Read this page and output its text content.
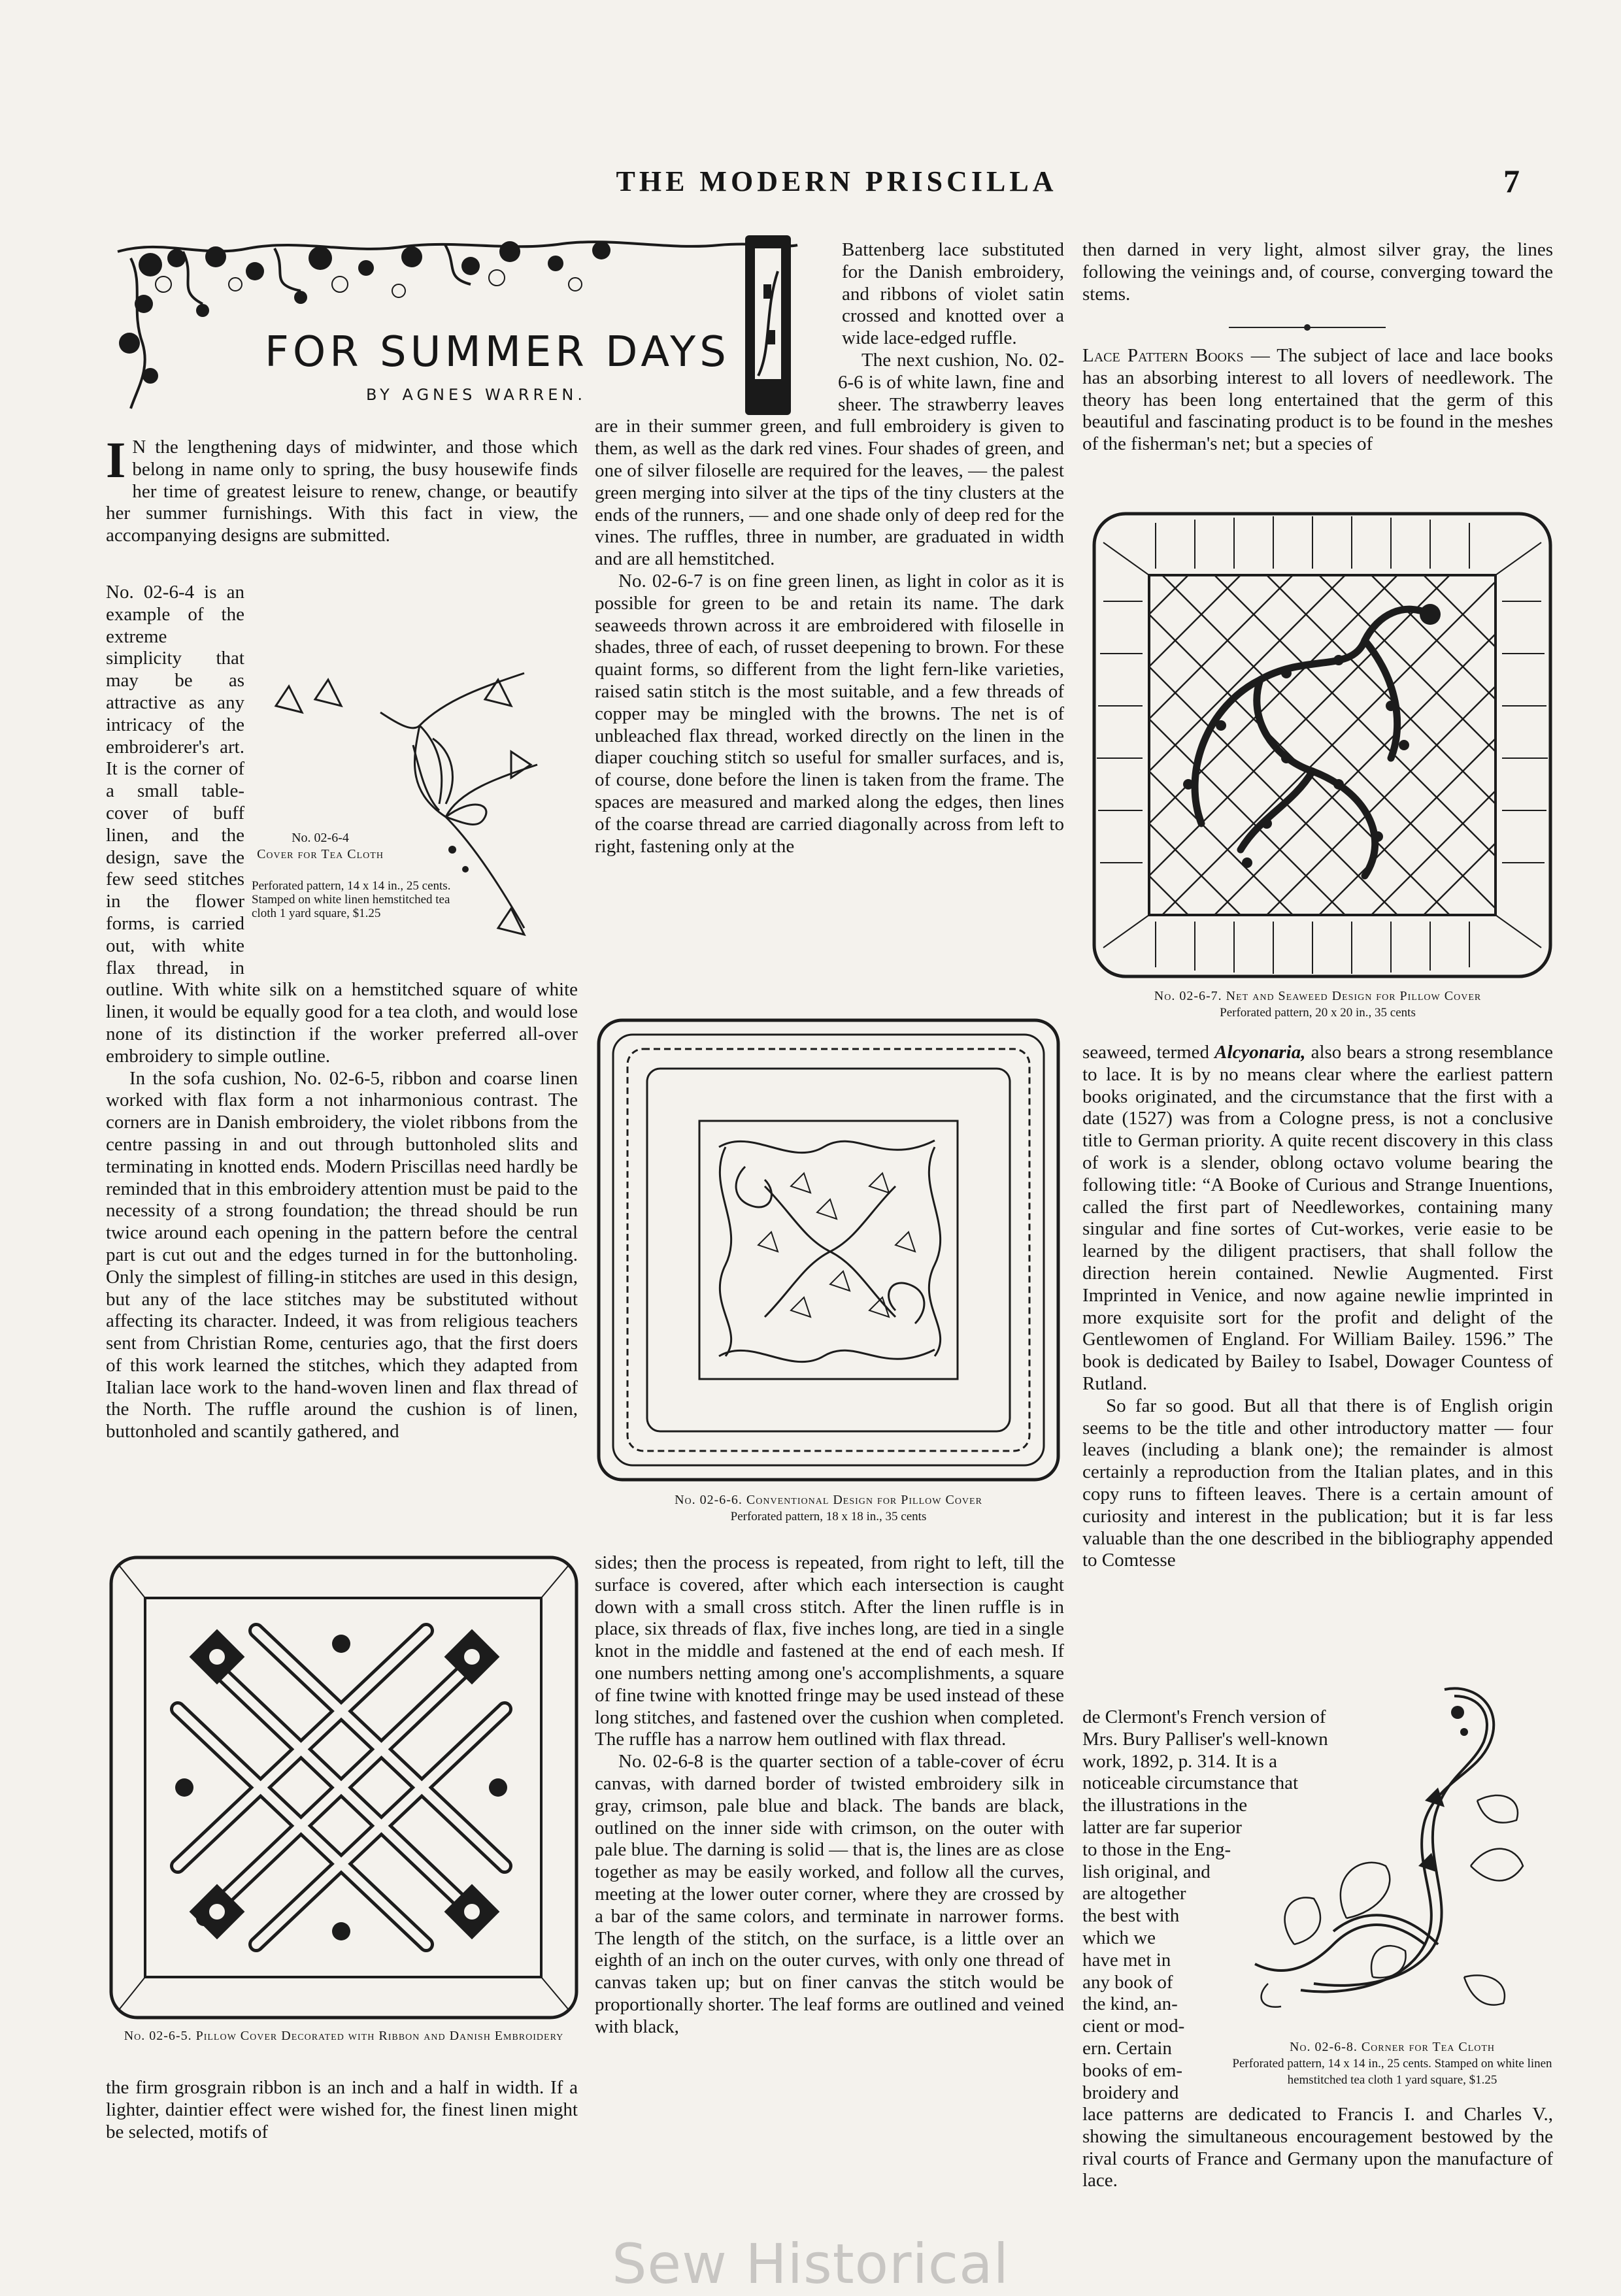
THE MODERN PRISCILLA	7
FOR SUMMER DAYS
BY AGNES WARREN.

I N the lengthening days of midwinter, and those which belong in name only to spring, the busy housewife finds her time of greatest leisure to renew, change, or beautify her summer furnishings. With this fact in view, the accompanying designs are submitted.

No. 02-6-4 is an example of the extreme simplicity that may be as attractive as any intricacy of the embroiderer's art. It is the corner of a small table-cover of buff linen, and the design, save the few seed stitches in the flower forms, is carried out, with white flax thread, in outline. With white silk on a hemstitched square of white linen, it would be equally good for a tea cloth, and would lose none of its distinction if the worker preferred all-over embroidery to simple outline.

In the sofa cushion, No. 02-6-5, ribbon and coarse linen worked with flax form a not inharmonious contrast. The corners are in Danish embroidery, the violet ribbons from the centre passing in and out through buttonholed slits and terminating in knotted ends. Modern Priscillas need hardly be reminded that in this embroidery attention must be paid to the necessity of a strong foundation; the thread should be run twice around each opening in the pattern before the central part is cut out and the edges turned in for the buttonholing. Only the simplest of filling-in stitches are used in this design, but any of the lace stitches may be substituted without affecting its character. Indeed, it was from religious teachers sent from Christian Rome, centuries ago, that the first doers of this work learned the stitches, which they adapted from Italian lace work to the hand-woven linen and flax thread of the North. The ruffle around the cushion is of linen, buttonholed and scantily gathered, and

No. 02-6-4
Cover for Tea Cloth
Perforated pattern, 14 x 14 in., 25 cents. Stamped on white linen hemstitched tea cloth 1 yard square, $1.25
No. 02-6-5. Pillow Cover Decorated with Ribbon and Danish Embroidery

the firm grosgrain ribbon is an inch and a half in width. If a lighter, daintier effect were wished for, the finest linen might be selected, motifs of

Battenberg lace substituted for the Danish embroidery, and ribbons of violet satin crossed and knotted over a wide lace-edged ruffle.

The next cushion, No. 02-6-6 is of white lawn, fine and sheer. The strawberry leaves are in their summer green, and full embroidery is given to them, as well as the dark red vines. Four shades of green, and one of silver filoselle are required for the leaves, — the palest green merging into silver at the tips of the tiny clusters at the ends of the runners, — and one shade only of deep red for the vines. The ruffles, three in number, are graduated in width and are all hemstitched.

No. 02-6-7 is on fine green linen, as light in color as it is possible for green to be and retain its name. The dark seaweeds thrown across it are embroidered with filoselle in shades, three of each, of russet deepening to brown. For these quaint forms, so different from the light fern-like varieties, raised satin stitch is the most suitable, and a few threads of copper may be mingled with the browns. The net is of unbleached flax thread, worked directly on the linen in the diaper couching stitch so useful for smaller surfaces, and is, of course, done before the linen is taken from the frame. The spaces are measured and marked along the edges, then lines of the coarse thread are carried diagonally across from left to right, fastening only at the

No. 02-6-6. Conventional Design for Pillow Cover
Perforated pattern, 18 x 18 in., 35 cents

sides; then the process is repeated, from right to left, till the surface is covered, after which each intersection is caught down with a small cross stitch. After the linen ruffle is in place, six threads of flax, five inches long, are tied in a single knot in the middle and fastened at the end of each mesh. If one numbers netting among one's accomplishments, a square of fine twine with knotted fringe may be used instead of these long stitches, and fastened over the cushion when completed. The ruffle has a narrow hem outlined with flax thread.

No. 02-6-8 is the quarter section of a table-cover of écru canvas, with darned border of twisted embroidery silk in gray, crimson, pale blue and black. The bands are black, outlined on the inner side with crimson, on the outer with pale blue. The darning is solid — that is, the lines are as close together as may be easily worked, and follow all the curves, meeting at the lower outer corner, where they are crossed by a bar of the same colors, and terminate in narrower forms. The length of the stitch, on the surface, is a little over an eighth of an inch on the outer curves, with only one thread of canvas taken up; but on finer canvas the stitch would be proportionally shorter. The leaf forms are outlined and veined with black,

then darned in very light, almost silver gray, the lines following the veinings and, of course, converging toward the stems.

Lace Pattern Books — The subject of lace and lace books has an absorbing interest to all lovers of needlework. The theory has been long entertained that the germ of this beautiful and fascinating product is to be found in the meshes of the fisherman's net; but a species of

No. 02-6-7. Net and Seaweed Design for Pillow Cover
Perforated pattern, 20 x 20 in., 35 cents

seaweed, termed Alcyonaria, also bears a strong resemblance to lace. It is by no means clear where the earliest pattern books originated, and the circumstance that the first with a date (1527) was from a Cologne press, is not a conclusive title to German priority. A quite recent discovery in this class of work is a slender, oblong octavo volume bearing the following title: “A Booke of Curious and Strange Inuentions, called the first part of Needleworkes, containing many singular and fine sortes of Cut-workes, verie easie to be learned by the diligent practisers, that shall follow the direction herein contained. Newlie Augmented. First Imprinted in Venice, and now againe newlie imprinted in more exquisite sort for the profit and delight of the Gentlewomen of England. For William Bailey. 1596.” The book is dedicated by Bailey to Isabel, Dowager Countess of Rutland.

So far so good. But all that there is of English origin seems to be the title and other introductory matter — four leaves (including a blank one); the remainder is almost certainly a reproduction from the Italian plates, and in this copy runs to fifteen leaves. There is a certain amount of curiosity and interest in the publication; but it is far less valuable than the one described in the bibliography appended to Comtesse

de Clermont's French version of
Mrs. Bury Palliser's well-known
work, 1892, p. 314. It is a
noticeable circumstance that
the illustrations in the
latter are far superior
to those in the Eng-
lish original, and
are altogether
the best with
which we
have met in
any book of
the kind, an-
cient or mod-
ern. Certain
books of em-
broidery and
No. 02-6-8. Corner for Tea Cloth
Perforated pattern, 14 x 14 in., 25 cents. Stamped on white linen hemstitched tea cloth 1 yard square, $1.25

lace patterns are dedicated to Francis I. and Charles V., showing the simultaneous encouragement bestowed by the rival courts of France and Germany upon the manufacture of lace.

Sew Historical
